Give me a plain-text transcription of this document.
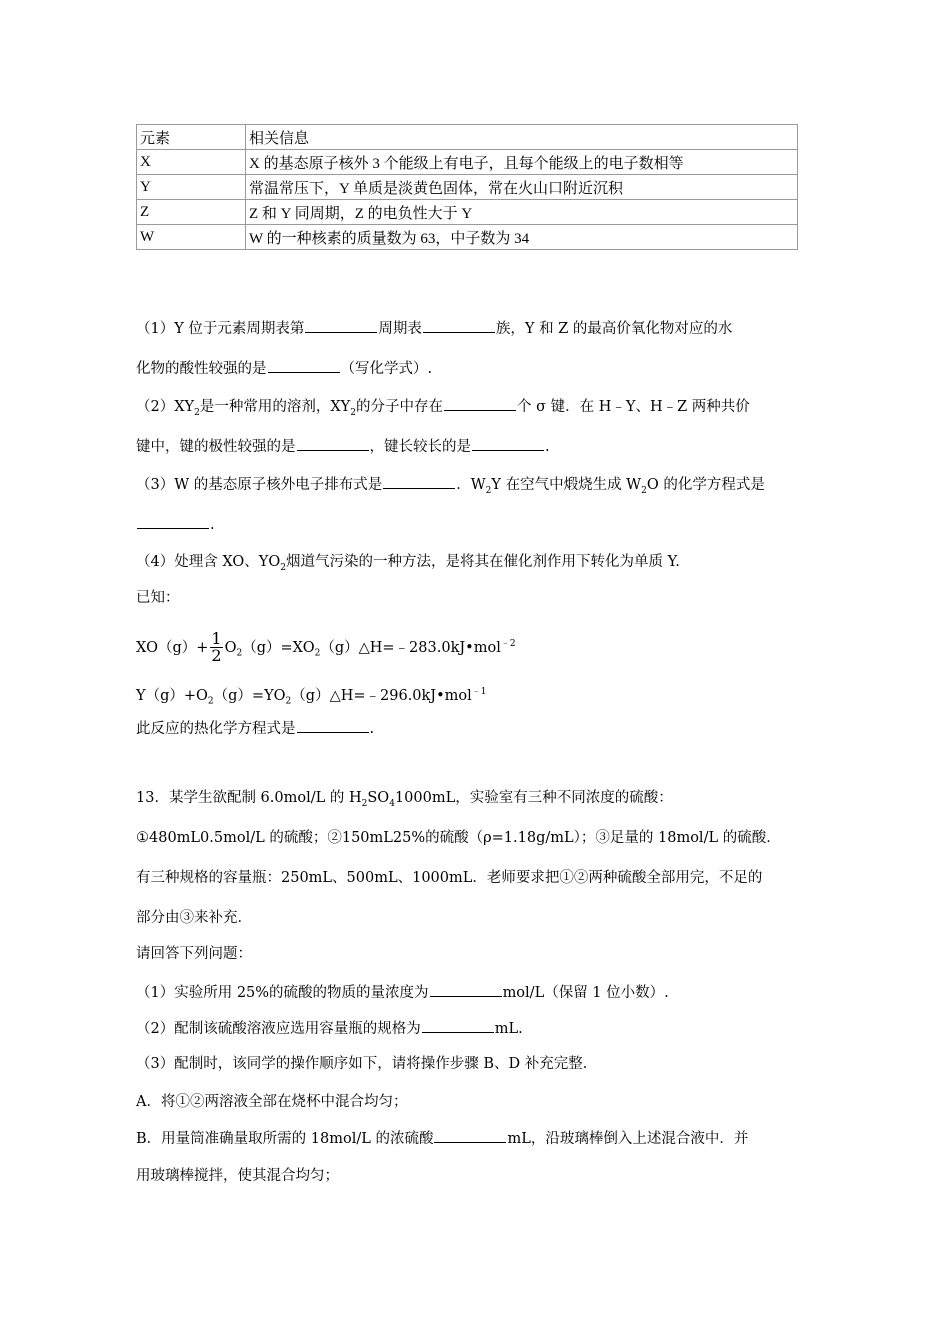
元素	相关信息
X	X 的基态原子核外 3 个能级上有电子，且每个能级上的电子数相等
Y	常温常压下，Y 单质是淡黄色固体，常在火山口附近沉积
Z	Z 和 Y 同周期，Z 的电负性大于 Y
W	W 的一种核素的质量数为 63，中子数为 34
（1）Y 位于元素周期表第	周期表	族，Y 和 Z 的最高价氧化物对应的水
化物的酸性较强的是	（写化学式）.
$(2)XY_2$是一种常用的溶剂，$XY_2$的分子中存在	个 σ 键．在 H﹣Y、H﹣Z 两种共价
键中，键的极性较强的是	，键长较长的是	.
（3）W 的基态原子核外电子排布式是	．$W_2Y$ 在空气中煅烧生成 $W_2O$ 的化学方程式是
.
（4）处理含 XO、$YO_2$烟道气污染的一种方法，是将其在催化剂作用下转化为单质 Y.
已知：
$XO(g)+ \frac{1}{2}$ $O_2(g)=XO_2(g)\triangle H=﹣283.0kJ•mol^{﹣2}$
$Y(g)+O_2(g)=YO_2(g)\triangle H=﹣296.0kJ•mol^{﹣1}$
此反应的热化学方程式是	.
13．某学生欲配制 6.0mol/L 的 $H_2SO_41000mL$，实验室有三种不同浓度的硫酸：
①480mL0.5mol/L 的硫酸；②150mL25%的硫酸（ρ=1.18g/mL）；③足量的 18mol/L 的硫酸．
有三种规格的容量瓶：250mL、500mL、1000mL．老师要求把①②两种硫酸全部用完，不足的
部分由③来补充．
请回答下列问题：
（1）实验所用 25%的硫酸的物质的量浓度为	mol/L（保留 1 位小数）.
（2）配制该硫酸溶液应选用容量瓶的规格为	mL.
（3）配制时，该同学的操作顺序如下，请将操作步骤 B、D 补充完整．
A．将①②两溶液全部在烧杯中混合均匀；
B．用量筒准确量取所需的 18mol/L 的浓硫酸	mL，沿玻璃棒倒入上述混合液中．并
用玻璃棒搅拌，使其混合均匀；
